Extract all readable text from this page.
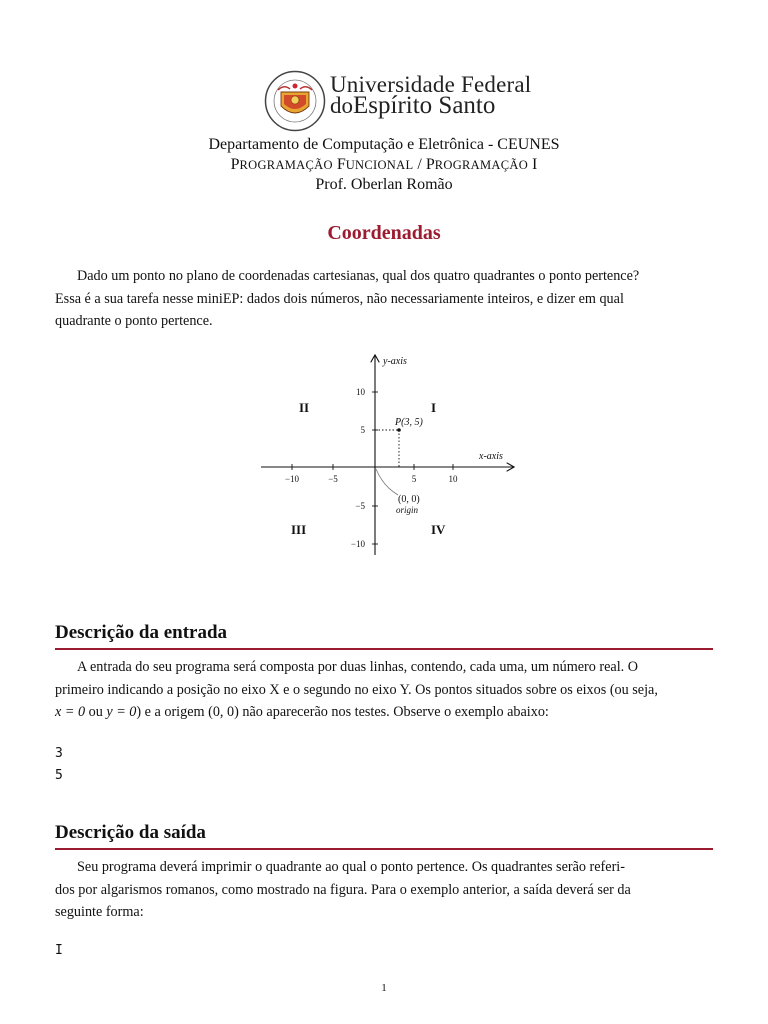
Universidade Federal
doEspírito Santo
Departamento de Computação e Eletrônica - CEUNES
PROGRAMAÇÃO FUNCIONAL / PROGRAMAÇÃO I
Prof. Oberlan Romão
Coordenadas
Dado um ponto no plano de coordenadas cartesianas, qual dos quatro quadrantes o ponto pertence?
Essa é a sua tarefa nesse miniEP: dados dois números, não necessariamente inteiros, e dizer em qual
quadrante o ponto pertence.
−10	−5	5	10
10
5
−5
−10
y-axis
x-axis
P(3, 5)
(0, 0)
origin
II	I
III	IV
Descrição da entrada
A entrada do seu programa será composta por duas linhas, contendo, cada uma, um número real. O
primeiro indicando a posição no eixo X e o segundo no eixo Y. Os pontos situados sobre os eixos (ou seja,
x = 0 ou y = 0) e a origem (0, 0) não aparecerão nos testes. Observe o exemplo abaixo:
3
5
Descrição da saída
Seu programa deverá imprimir o quadrante ao qual o ponto pertence. Os quadrantes serão referi-
dos por algarismos romanos, como mostrado na figura. Para o exemplo anterior, a saída deverá ser da
seguinte forma:
I
1
